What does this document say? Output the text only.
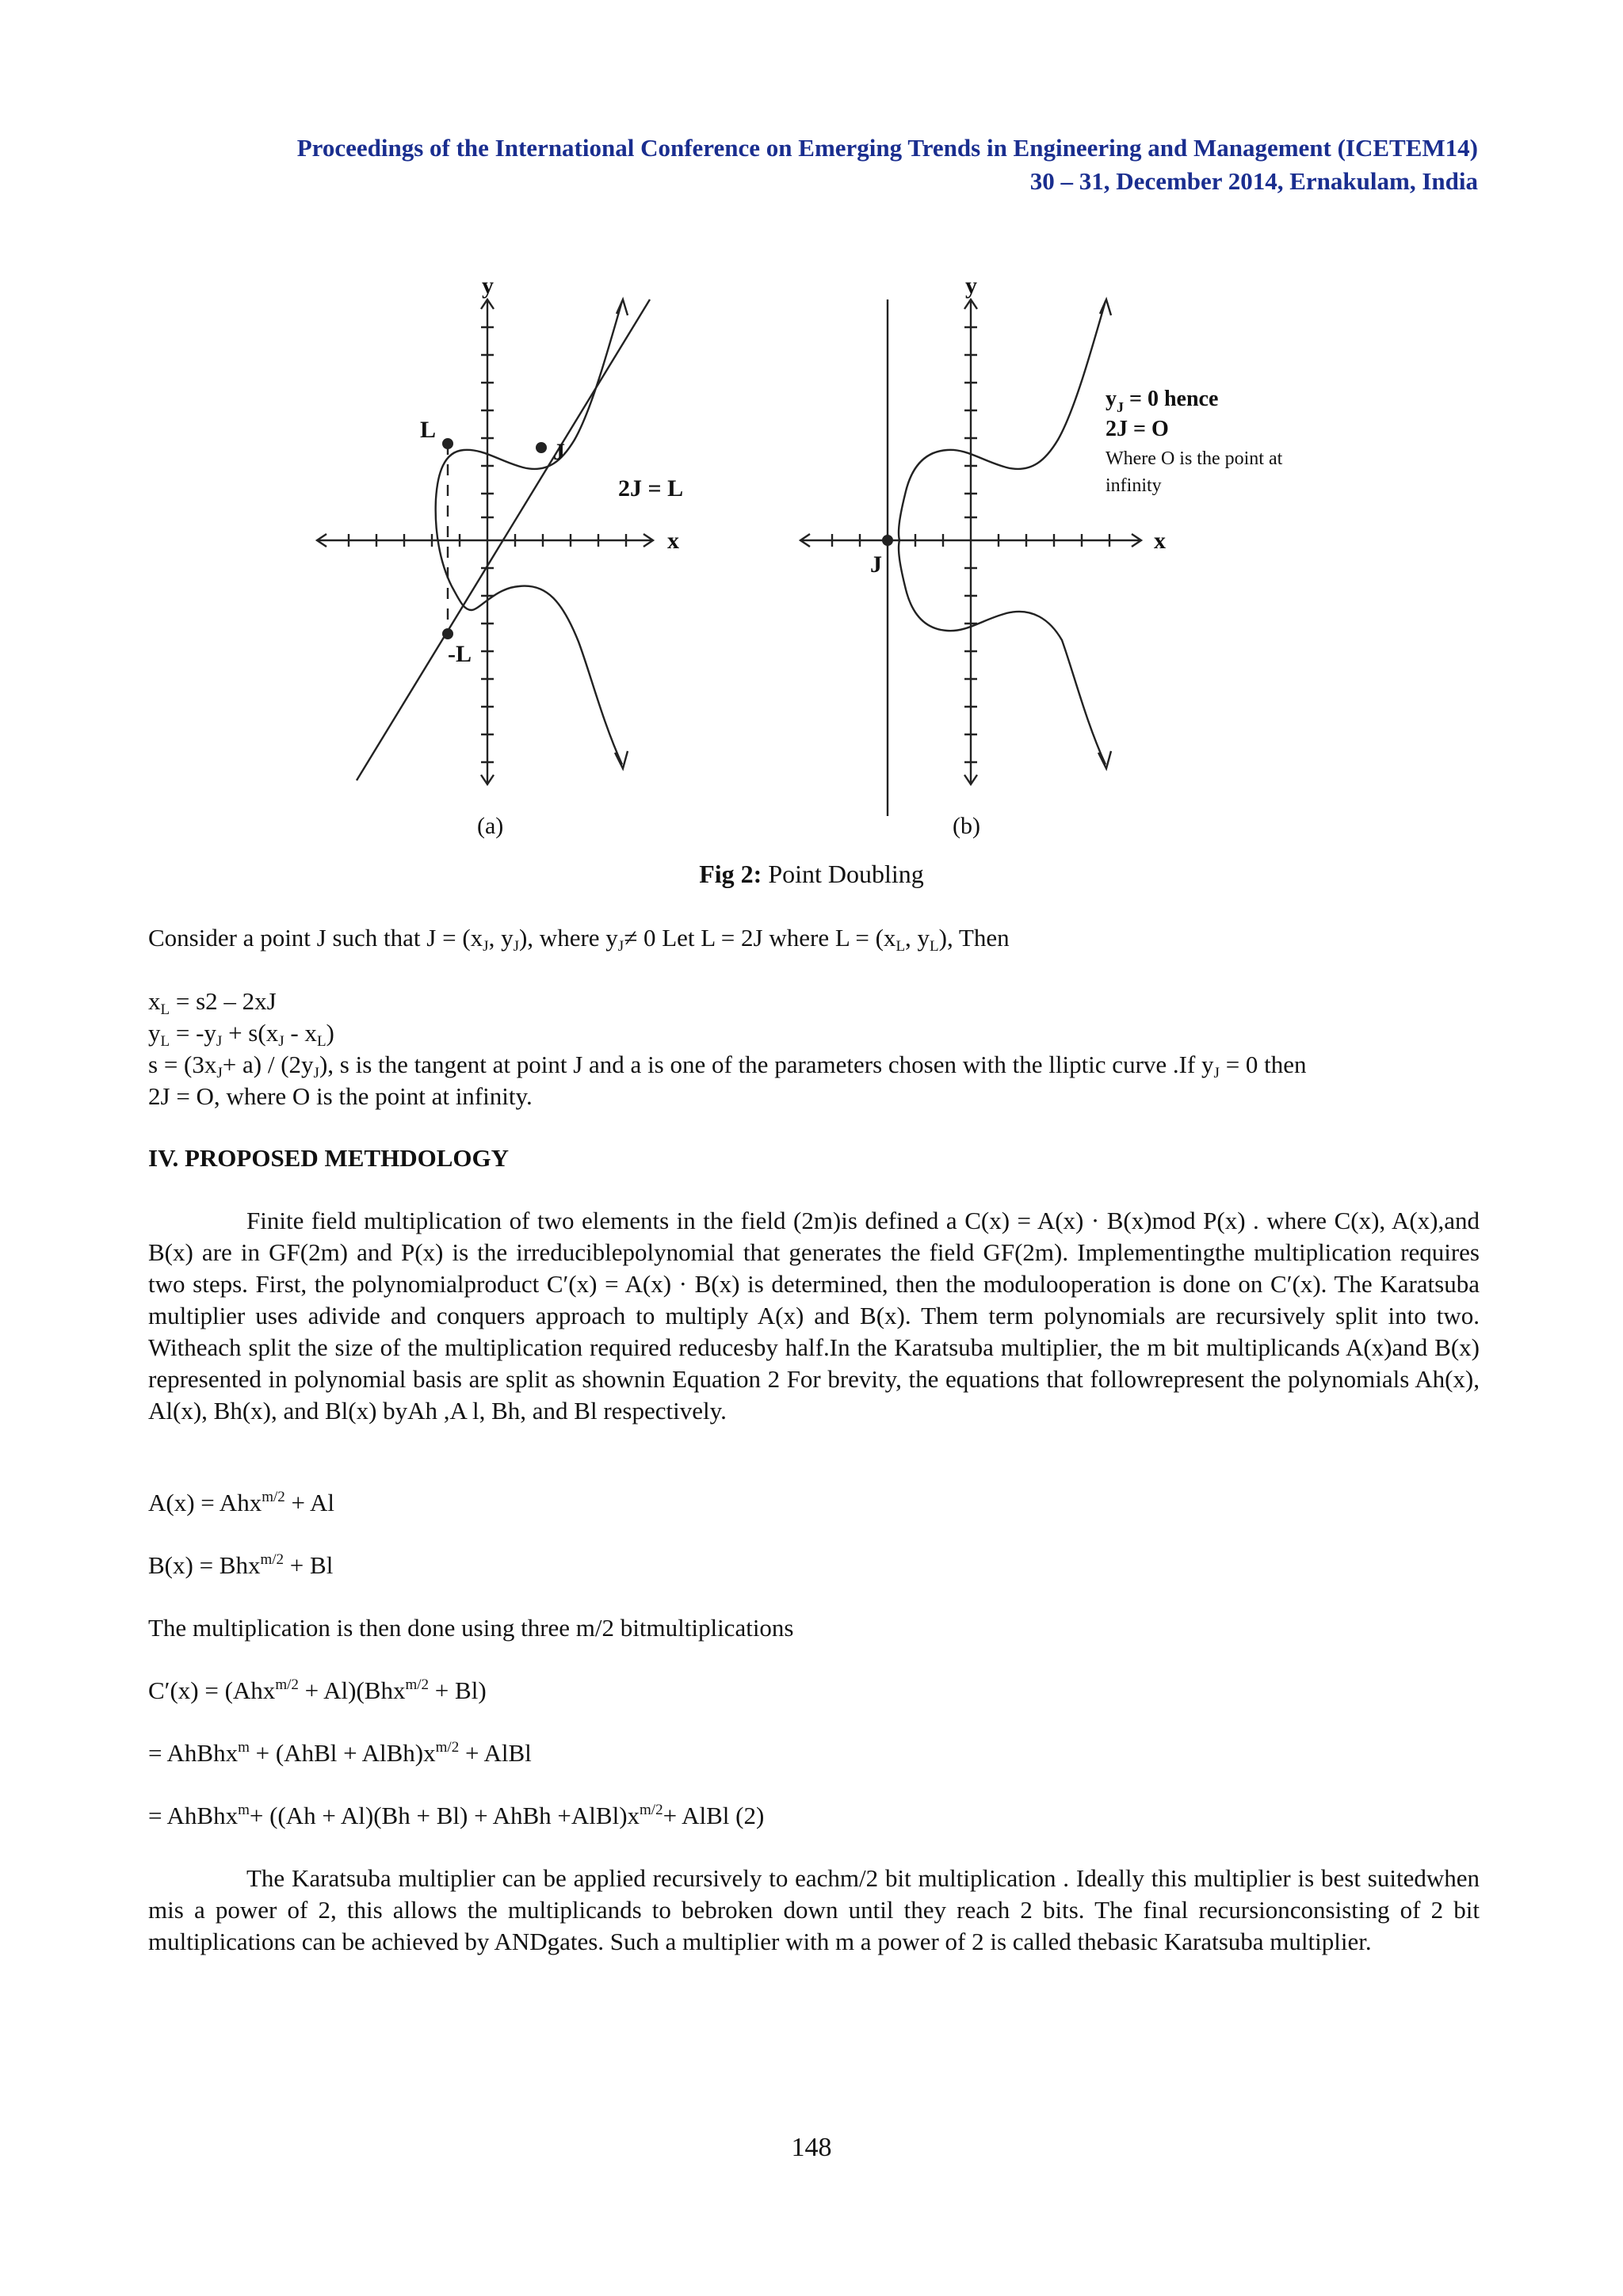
Proceedings of the International Conference on Emerging Trends in Engineering and Management (ICETEM14)
30 – 31, December 2014, Ernakulam, India
y
x
L
J
-L
2J = L
(a)
y
x
J
$y_J = 0$ hence
2J = O
Where O is the point at
infinity
(b)
Fig 2: Point Doubling

Consider a point J such that $J = (x_J$, $y_J$), where $y_J\ne 0$ Let L = 2J where $L = (x_L$, $y_L$), Then

$x_L = s2 - 2xJ$

$y_L = -y_J + s(x_J - x_L)$

$s = (3x_J+ a) / (2y_J)$, s is the tangent at point J and a is one of the parameters chosen with the lliptic curve .If $y_J = 0$ then

2J = O, where O is the point at infinity.

IV. PROPOSED METHDOLOGY

Finite field multiplication of two elements in the field (2m)is defined a C(x) = A(x) · B(x)mod P(x) . where C(x), A(x),and B(x) are in GF(2m) and P(x) is the irreduciblepolynomial that generates the field GF(2m). Implementingthe multiplication requires two steps. First, the polynomialproduct C′(x) = A(x) · B(x) is determined, then the modulooperation is done on C′(x). The Karatsuba multiplier uses adivide and conquers approach to multiply A(x) and B(x). Them term polynomials are recursively split into two. Witheach split the size of the multiplication required reducesby half.In the Karatsuba multiplier, the m bit multiplicands A(x)and B(x) represented in polynomial basis are split as shownin Equation 2 For brevity, the equations that followrepresent the polynomials Ah(x), Al(x), Bh(x), and Bl(x) byAh ,A l, Bh, and Bl respectively.

A(x) = Ahx$^{m/2}$ + Al

B(x) = Bhx$^{m/2}$ + Bl

The multiplication is then done using three m/2 bitmultiplications

C′(x) = (Ahx$^{m/2}$ + Al)(Bhx$^{m/2}$ + Bl)

= AhBhx$^m$ + (AhBl + $AlBh)x^{m/2}$ + AlBl

= AhBhx$^m$+ ((Ah + Al)(Bh + Bl) + AhBh $+AlBl)x^{m/2}+$ AlBl (2)

The Karatsuba multiplier can be applied recursively to eachm/2 bit multiplication . Ideally this multiplier is best suitedwhen mis a power of 2, this allows the multiplicands to bebroken down until they reach 2 bits. The final recursionconsisting of 2 bit multiplications can be achieved by ANDgates. Such a multiplier with m a power of 2 is called thebasic Karatsuba multiplier.

148
